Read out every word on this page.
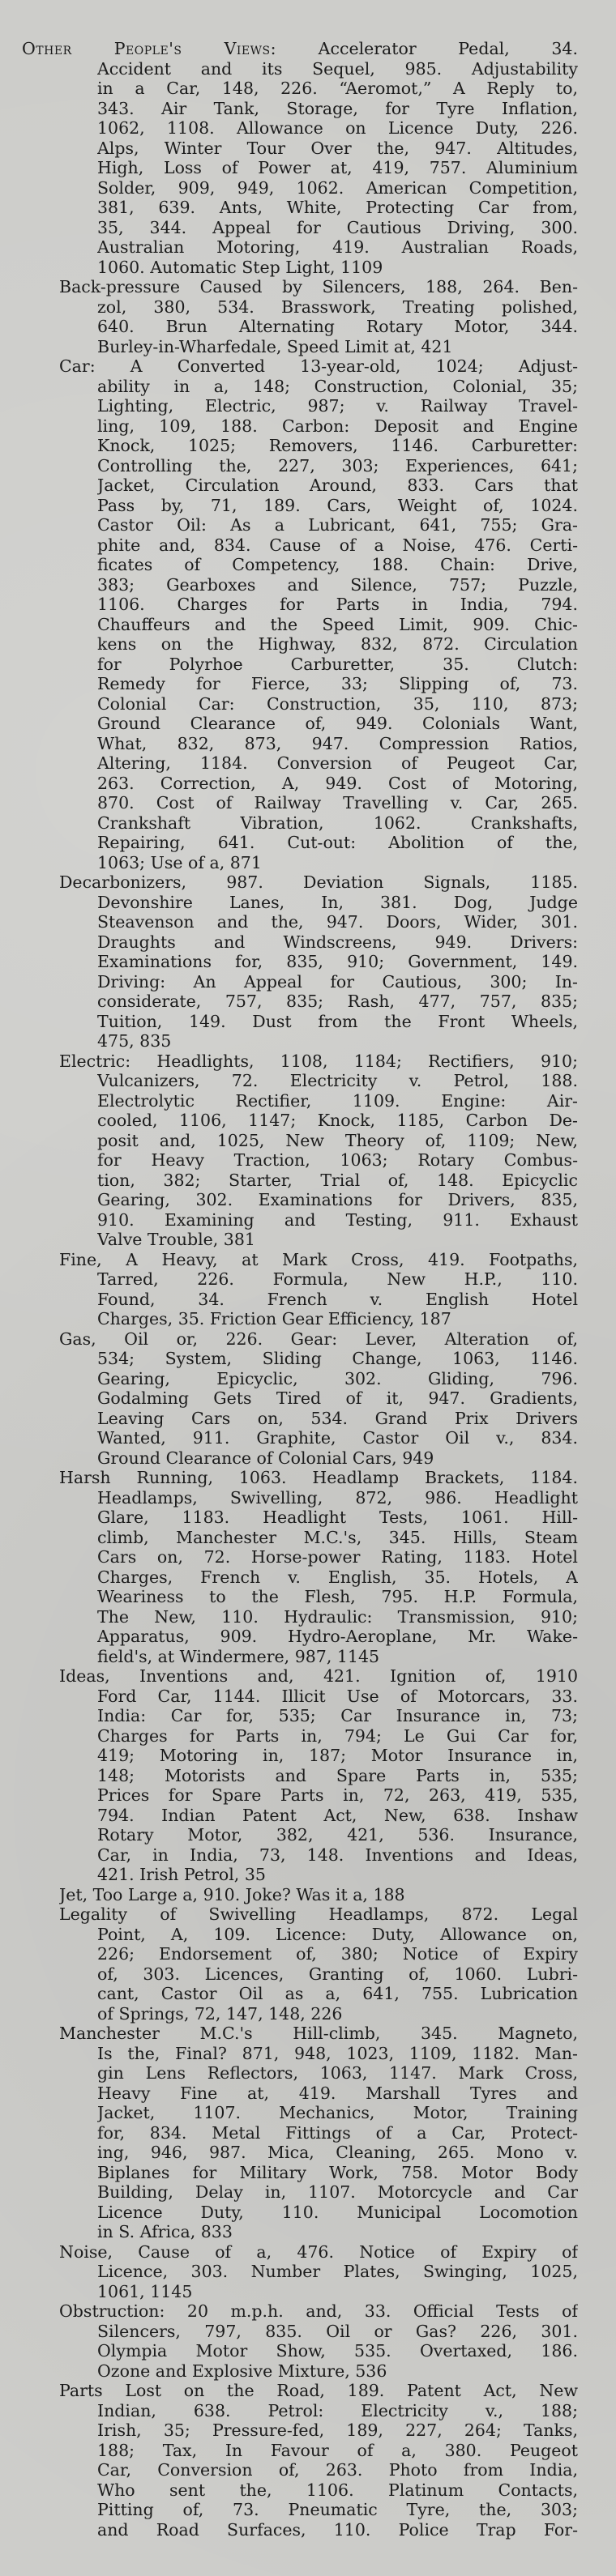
Other People's Views:	Accelerator Pedal, 34.
Accident and its Sequel, 985. Adjustability
in a Car, 148, 226. “Aeromot,” A Reply to,
343. Air Tank, Storage, for Tyre Inflation,
1062, 1108. Allowance on Licence Duty, 226.
Alps, Winter Tour Over the, 947. Altitudes,
High, Loss of Power at, 419, 757. Aluminium
Solder, 909, 949, 1062. American Competition,
381, 639. Ants, White, Protecting Car from,
35, 344. Appeal for Cautious Driving, 300.
Australian Motoring, 419. Australian Roads,
1060. Automatic Step Light, 1109
Back-pressure Caused by Silencers, 188, 264. Ben-
zol, 380, 534. Brasswork, Treating polished,
640. Brun Alternating Rotary Motor, 344.
Burley-in-Wharfedale, Speed Limit at, 421
Car: A Converted 13-year-old, 1024; Adjust-
ability in a, 148; Construction, Colonial, 35;
Lighting, Electric, 987; v. Railway Travel-
ling, 109, 188. Carbon: Deposit and Engine
Knock, 1025; Removers, 1146. Carburetter:
Controlling the, 227, 303; Experiences, 641;
Jacket, Circulation Around, 833. Cars that
Pass by, 71, 189. Cars, Weight of, 1024.
Castor Oil: As a Lubricant, 641, 755; Gra-
phite and, 834. Cause of a Noise, 476. Certi-
ficates of Competency, 188. Chain: Drive,
383; Gearboxes and Silence, 757; Puzzle,
1106. Charges for Parts in India, 794.
Chauffeurs and the Speed Limit, 909. Chic-
kens on the Highway, 832, 872. Circulation
for Polyrhoe Carburetter, 35. Clutch:
Remedy for Fierce, 33; Slipping of, 73.
Colonial Car: Construction, 35, 110, 873;
Ground Clearance of, 949. Colonials Want,
What, 832, 873, 947. Compression Ratios,
Altering, 1184. Conversion of Peugeot Car,
263. Correction, A, 949. Cost of Motoring,
870. Cost of Railway Travelling v. Car, 265.
Crankshaft Vibration, 1062. Crankshafts,
Repairing, 641. Cut-out: Abolition of the,
1063; Use of a, 871
Decarbonizers, 987. Deviation Signals, 1185.
Devonshire Lanes, In, 381. Dog, Judge
Steavenson and the, 947. Doors, Wider, 301.
Draughts and Windscreens, 949. Drivers:
Examinations for, 835, 910; Government, 149.
Driving: An Appeal for Cautious, 300; In-
considerate, 757, 835; Rash, 477, 757, 835;
Tuition, 149. Dust from the Front Wheels,
475, 835
Electric: Headlights, 1108, 1184; Rectifiers, 910;
Vulcanizers, 72. Electricity v. Petrol, 188.
Electrolytic Rectifier, 1109. Engine: Air-
cooled, 1106, 1147; Knock, 1185, Carbon De-
posit and, 1025, New Theory of, 1109; New,
for Heavy Traction, 1063; Rotary Combus-
tion, 382; Starter, Trial of, 148. Epicyclic
Gearing, 302. Examinations for Drivers, 835,
910. Examining and Testing, 911. Exhaust
Valve Trouble, 381
Fine, A Heavy, at Mark Cross, 419. Footpaths,
Tarred, 226. Formula, New H.P., 110.
Found, 34. French v. English Hotel
Charges, 35. Friction Gear Efficiency, 187
Gas, Oil or, 226. Gear: Lever, Alteration of,
534; System, Sliding Change, 1063, 1146.
Gearing, Epicyclic, 302. Gliding, 796.
Godalming Gets Tired of it, 947. Gradients,
Leaving Cars on, 534. Grand Prix Drivers
Wanted, 911. Graphite, Castor Oil v., 834.
Ground Clearance of Colonial Cars, 949
Harsh Running, 1063. Headlamp Brackets, 1184.
Headlamps, Swivelling, 872, 986. Headlight
Glare, 1183. Headlight Tests, 1061. Hill-
climb, Manchester M.C.'s, 345. Hills, Steam
Cars on, 72. Horse-power Rating, 1183. Hotel
Charges, French v. English, 35. Hotels, A
Weariness to the Flesh, 795. H.P. Formula,
The New, 110. Hydraulic: Transmission, 910;
Apparatus, 909. Hydro-Aeroplane, Mr. Wake-
field's, at Windermere, 987, 1145
Ideas, Inventions and, 421. Ignition of, 1910
Ford Car, 1144. Illicit Use of Motorcars, 33.
India: Car for, 535; Car Insurance in, 73;
Charges for Parts in, 794; Le Gui Car for,
419; Motoring in, 187; Motor Insurance in,
148; Motorists and Spare Parts in, 535;
Prices for Spare Parts in, 72, 263, 419, 535,
794. Indian Patent Act, New, 638. Inshaw
Rotary Motor, 382, 421, 536. Insurance,
Car, in India, 73, 148. Inventions and Ideas,
421. Irish Petrol, 35
Jet, Too Large a, 910. Joke? Was it a, 188
Legality of Swivelling Headlamps, 872. Legal
Point, A, 109. Licence: Duty, Allowance on,
226; Endorsement of, 380; Notice of Expiry
of, 303. Licences, Granting of, 1060. Lubri-
cant, Castor Oil as a, 641, 755. Lubrication
of Springs, 72, 147, 148, 226
Manchester M.C.'s Hill-climb, 345. Magneto,
Is the, Final? 871, 948, 1023, 1109, 1182. Man-
gin Lens Reflectors, 1063, 1147. Mark Cross,
Heavy Fine at, 419. Marshall Tyres and
Jacket, 1107. Mechanics, Motor, Training
for, 834. Metal Fittings of a Car, Protect-
ing, 946, 987. Mica, Cleaning, 265. Mono v.
Biplanes for Military Work, 758. Motor Body
Building, Delay in, 1107. Motorcycle and Car
Licence Duty, 110. Municipal Locomotion
in S. Africa, 833
Noise, Cause of a, 476. Notice of Expiry of
Licence, 303. Number Plates, Swinging, 1025,
1061, 1145
Obstruction: 20 m.p.h. and, 33. Official Tests of
Silencers, 797, 835. Oil or Gas? 226, 301.
Olympia Motor Show, 535. Overtaxed, 186.
Ozone and Explosive Mixture, 536
Parts Lost on the Road, 189. Patent Act, New
Indian, 638. Petrol: Electricity v., 188;
Irish, 35; Pressure-fed, 189, 227, 264; Tanks,
188; Tax, In Favour of a, 380. Peugeot
Car, Conversion of, 263. Photo from India,
Who sent the, 1106. Platinum Contacts,
Pitting of, 73. Pneumatic Tyre, the, 303;
and Road Surfaces, 110. Police Trap For-
